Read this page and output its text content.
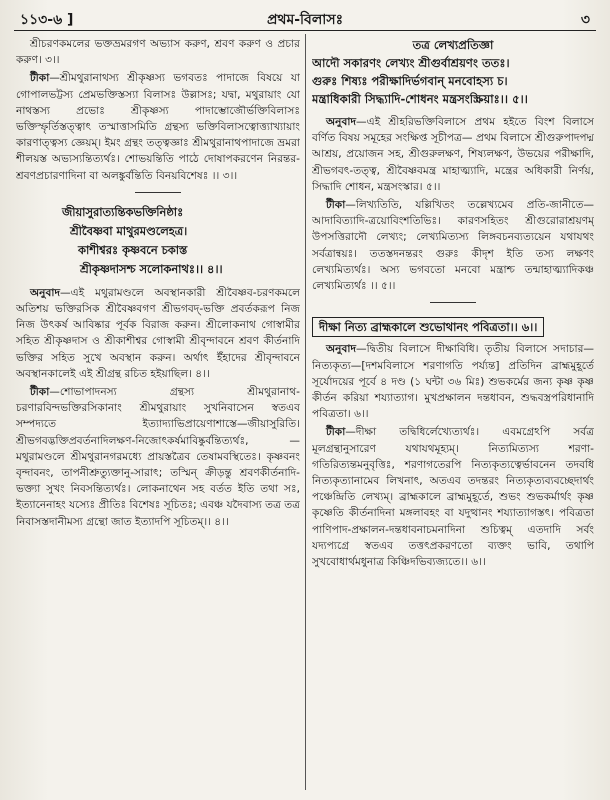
১১৩-৬ ]	প্রথম-বিলাসঃ	৩

শ্রীচরণকমলের ভক্তভ্রমরগণ অভ্যাস করুণ, শ্রবণ করুণ ও প্রচার করুণ। ৩।।

টীকা—শ্রীমথুরানাথস্য শ্রীকৃষ্ণস্য ভগবতঃ পাদাজে বিষয়ে যা গোপালভট্টস্য প্রেমভক্তিস্তস্যা বিলাসঃ উল্লাসঃ; যদ্বা, মথুরায়াং যো নাথস্তস্য প্রভোঃ শ্রীকৃষ্ণস্য পাদাম্ভোজৌর্ভক্তিবিলাসঃ ভক্তিস্ফৃর্তিস্তত্ত্বাৎ তস্মাত্তাসমিতি গ্রন্থস্য ভক্তিবিলাসত্বোত্ত্যাখ্যায়াং কারণাত্ত্বস্য জ্ঞেয়ম্। ইমং গ্রন্থং তত্ত্বজ্ঞাঃ শ্রীমথুরানাথপাদাজে ভ্রমরা শীলয়স্ত অভ্যস্যন্তিত্যর্থঃ। শোভয়ন্তিতি পাঠে দোষাপকরণেন নিরন্তর-শ্রবণপ্রচারণাদিনা বা অলঙ্কুর্বন্তিতি বিনয়বিশেষঃ ।। ৩।।

জীয়াসুরাত্যন্তিকভক্তিনিষ্ঠাঃ
শ্রীবৈষ্ণবা মাথুরমণ্ডলেহত্র।
কাশীশ্বরঃ কৃষ্ণবনে চকাস্ত
শ্রীকৃষ্ণদাসশ্চ সলোকনাথঃ।। ৪।।

অনুবাদ—এই মথুরামণ্ডলে অবস্থানকারী শ্রীবৈষ্ণব-চরণকমলে অতিশয় ভক্তিরসিক শ্রীবৈষ্ণবগণ শ্রীভগবদ্-ভক্তি প্রবর্তকরূপ নিজ নিজ উৎকর্ষ আবিষ্কার পূর্বক বিরাজ করুন। শ্রীলোকনাথ গোস্বামীর সহিত শ্রীকৃষ্ণদাস ও শ্রীকাশীশ্বর গোস্বামী শ্রীবৃন্দাবনে শ্রবণ কীর্তনাদি ভক্তির সহিত সুখে অবস্থান করুন। অর্থাৎ ইঁহাদের শ্রীবৃন্দাবনে অবস্থানকালেই এই শ্রীগ্রন্থ রচিত হইয়াছিল। ৪।।

টীকা—শোভাপাদনস্য গ্রন্থস্য শ্রীমথুরানাথ-চরণারবিন্দভক্তিরসিকানাং শ্রীমথুরায়াং সুখনিবাসেন স্বতএব সম্পদ্যতে ইত্যাদ্যাভিপ্রায়েণাশাস্তে—জীয়াসুরিতি। শ্রীভগবদ্ভক্তিপ্রবর্তনাদিলক্ষণ-নিজোৎকর্ষমাবিষ্কুর্বন্তিত্যর্থঃ, — মথুরামণ্ডলে শ্রীমথুরানগরমধ্যে প্রায়স্তত্রৈব তেষামবস্থিতেঃ। কৃষ্ণবনং বৃন্দাবনং, তাপনীশ্রুত্যুক্তানু-সারাৎ; তস্মিন্ ক্রীড়ন্তু শ্রবণকীর্তনাদি-ভক্ত্যা সুখং নিবসন্তিত্যর্থঃ। লোকনাথেন সহ বর্তত ইতি তথা সঃ, ইত্যানেনাহং যস্যেঃ প্রীতিঃ বিশেষঃ সূচিতঃ; এবঞ্চ যদৈবাস্য তত্র তত্র নিবাসস্তদানীমস্য গ্রন্থো জাত ইত্যাদপি সূচিতম্।। ৪।।

তত্র লেখ্যপ্রতিজ্ঞা
আদৌ সকারণং লেখ্যং শ্রীগুর্বাশ্রয়ণং ততঃ।
গুরুঃ শিষ্যঃ পরীক্ষাদির্ভগবান্ মনবোহস্য চ।
মন্ত্রাধিকারী সিদ্ধ্যাদি-শোধনং মন্ত্রসংস্ক্রিয়াঃ।। ৫।।

অনুবাদ—এই শ্রীহরিভক্তিবিলাসে প্রথম হইতে বিংশ বিলাসে বর্ণিত বিষয় সমূহের সংক্ষিপ্ত সূচীপত্র— প্রথম বিলাসে শ্রীগুরুপাদপদ্ম আশ্রয়, প্রয়োজন সহ, শ্রীগুরুলক্ষণ, শিষ্যলক্ষণ, উভয়ের পরীক্ষাদি, শ্রীভগবৎ-তত্ত্ব, শ্রীবৈষ্ণবমন্ত্র মাহাত্ম্যাদি, মন্ত্রের অধিকারী নির্ণয়, সিদ্ধাদি শোধন, মন্ত্রসংস্কার। ৫।।

টীকা—লিখ্যতিতি, যল্লিখিতং তল্লেখ্যমেব প্রতি-জানীতে—আদাবিত্যাদি-ত্রয়োবিংশতিভিঃ। কারণসহিতং শ্রীগুরোরাশ্রয়ণম্ উপসত্তিরাদৌ লেখ্যং; লেখ্যমিত্যস্য লিঙ্গবচনব্যত্যয়েন যথাযথং সর্বত্রান্বয়ঃ। ততস্তদনন্তরং গুরুঃ কীদৃশ ইতি তস্য লক্ষণং লেখ্যমিত্যর্থঃ। অস্য ভগবতো মনবো মন্ত্রাশ্চ তন্মাহাত্ম্যাদিকঞ্চ লেখ্যমিত্যর্থঃ ।। ৫।।

দীক্ষা নিত্য ব্রাহ্মকালে শুভোথানং পবিত্রতা।। ৬।।

অনুবাদ—দ্বিতীয় বিলাসে দীক্ষাবিধি। তৃতীয় বিলাসে সদাচার—নিত্যকৃত্য—[দশমবিলাসে শরণাগতি পর্য্যন্ত] প্রতিদিন ব্রাহ্মমুহূর্তে সূর্যোদয়ের পূর্বে ৪ দণ্ড (১ ঘন্টা ৩৬ মিঃ) শুভকর্মের জন্য কৃষ্ণ কৃষ্ণ কীর্তন করিয়া শয্যাত্যাগ। মুখপ্রক্ষালন দন্তধাবন, শুদ্ধবস্ত্রপরিধানাদি পবিত্রতা। ৬।।

টীকা—দীক্ষা তদ্বিধির্লেখ্যেত্যর্থঃ। এবমগ্রেঽপি সর্বত্র মূলগ্রন্থানুসারেণ যথাযথমূহ্যম্। নিত্যমিত্যস্য শরণা-গতিরিত্যন্তমনুবৃত্তিঃ, শরণাগতেরপি নিত্যকৃত্যত্বের্ভাবনেন তদবধি নিত্যকৃত্যানামেব লিখনাৎ, অতএব তদন্তরং নিত্যকৃত্যব্যবচ্ছেদার্থং পঞ্চেন্দ্রিতি লেখ্যম্। ব্রাহ্মকালে ব্রাহ্মমুহূর্তে, শুভং শুভকর্মার্থং কৃষ্ণ কৃষ্ণেতি কীর্তনাদিনা মঙ্গলাবহং বা যদুত্থানং শয্যাত্যাগস্তৎ। পবিত্রতা পাণিপাদ-প্রক্ষালন-দন্তধাবনাচমনাদিনা শুচিত্বম্ এতদাদি সর্বং যদ্যপ্যগ্রে স্বতএব তত্তৎপ্রকরণতো ব্যক্তং ভাবি, তথাপি সুখবোধার্থমধুনাত্র কিঞ্চিদভিব্যজ্যতে।। ৬।।
